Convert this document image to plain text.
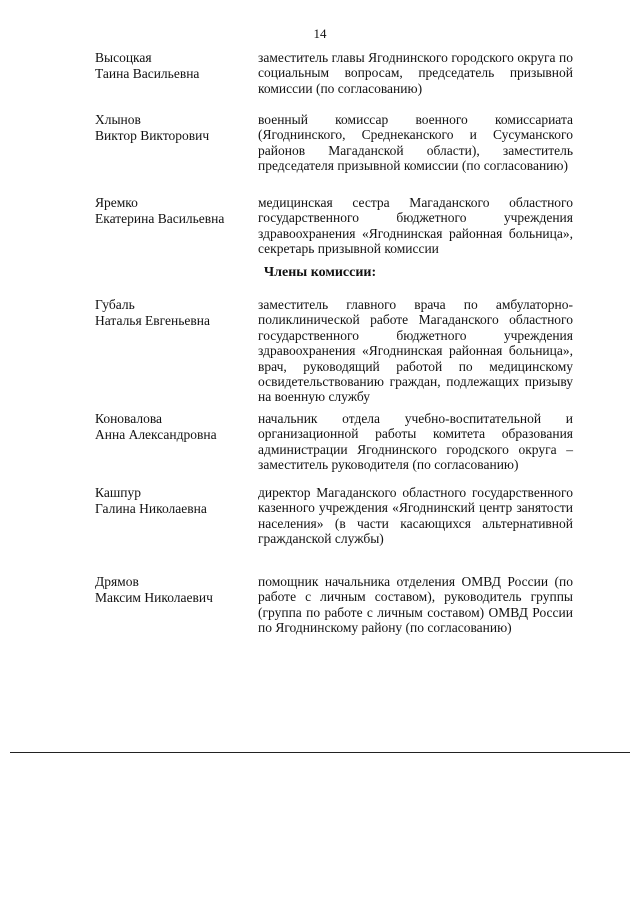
14
Высоцкая
Таина Васильевна
заместитель главы Ягоднинского городского округа по социальным вопросам, председатель призывной комиссии (по согласованию)
Хлынов
Виктор Викторович
военный комиссар военного комиссариата (Ягоднинского, Среднеканского и Сусуманского районов Магаданской области), заместитель председателя призывной комиссии (по согласованию)
Яремко
Екатерина Васильевна
медицинская сестра Магаданского областного государственного бюджетного учреждения здравоохранения «Ягоднинская районная больница», секретарь призывной комиссии
Члены комиссии:
Губаль
Наталья Евгеньевна
заместитель главного врача по амбулаторно-поликлинической работе Магаданского областного государственного бюджетного учреждения здравоохранения «Ягоднинская районная больница», врач, руководящий работой по медицинскому освидетельствованию граждан, подлежащих призыву на военную службу
Коновалова
Анна Александровна
начальник отдела учебно-воспитательной и организационной работы комитета образования администрации Ягоднинского городского округа – заместитель руководителя (по согласованию)
Кашпур
Галина Николаевна
директор Магаданского областного государственного казенного учреждения «Ягоднинский центр занятости населения» (в части касающихся альтернативной гражданской службы)
Дрямов
Максим Николаевич
помощник начальника отделения ОМВД России (по работе с личным составом), руководитель группы (группа по работе с личным составом) ОМВД России по Ягоднинскому району (по согласованию)
